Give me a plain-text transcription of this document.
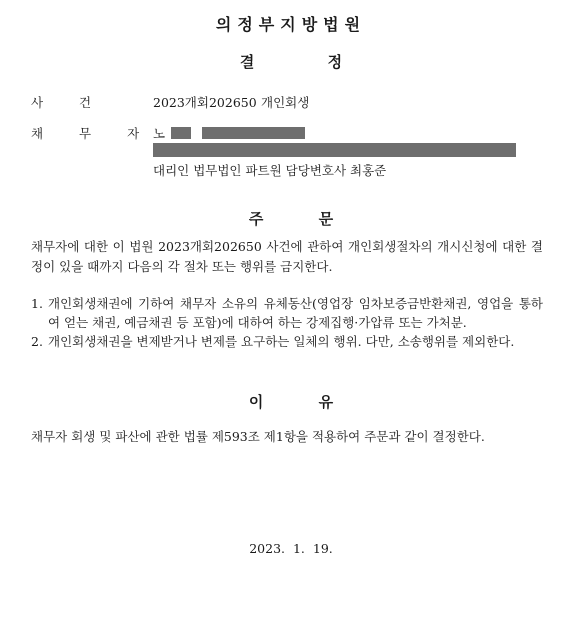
의정부지방법원
결 정
사 건	2023개회202650 개인회생
채 무 자 노
대리인 법무법인 파트원 담당변호사 최홍준
주 문
채무자에 대한 이 법원 2023개회202650 사건에 관하여 개인회생절차의 개시신청에 대한 결정이 있을 때까지 다음의 각 절차 또는 행위를 금지한다.
1. 개인회생채권에 기하여 채무자 소유의 유체동산(영업장 임차보증금반환채권, 영업을 통하여 얻는 채권, 예금채권 등 포함)에 대하여 하는 강제집행·가압류 또는 가처분.
2. 개인회생채권을 변제받거나 변제를 요구하는 일체의 행위. 다만, 소송행위를 제외한다.
이 유
채무자 회생 및 파산에 관한 법률 제593조 제1항을 적용하여 주문과 같이 결정한다.
2023. 1. 19.
